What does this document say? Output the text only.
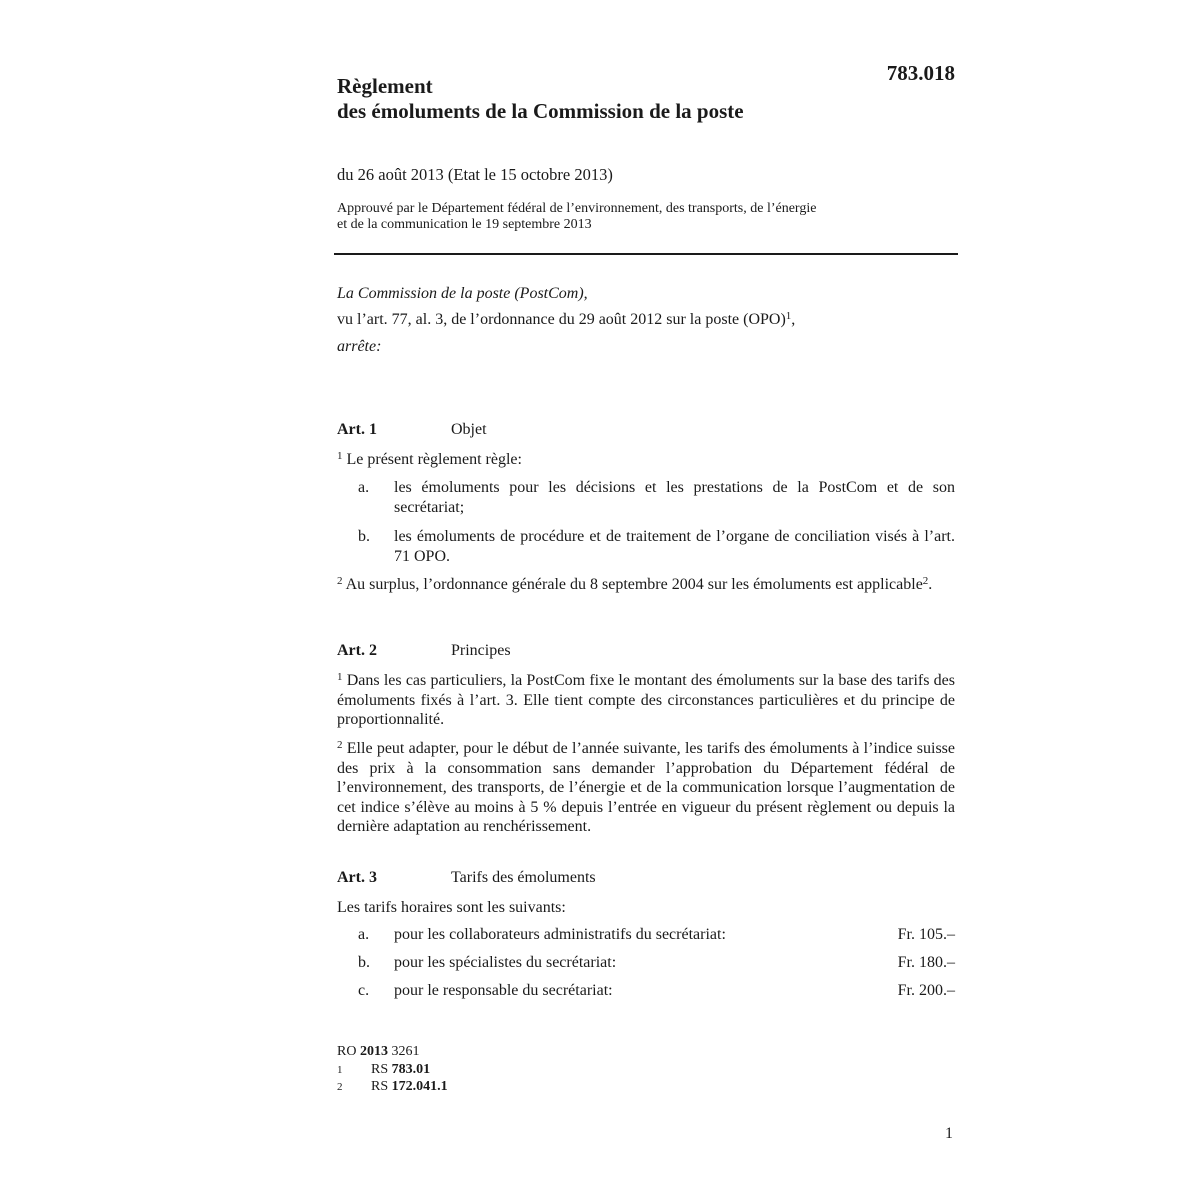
Règlement
des émoluments de la Commission de la poste
783.018
du 26 août 2013 (Etat le 15 octobre 2013)
Approuvé par le Département fédéral de l’environnement, des transports, de l’énergie
et de la communication le 19 septembre 2013
La Commission de la poste (PostCom),
vu l’art. 77, al. 3, de l’ordonnance du 29 août 2012 sur la poste (OPO)$^1$,
arrête:
Art. 1	Objet
$^1$ Le présent règlement règle:
a. les émoluments pour les décisions et les prestations de la PostCom et de son secrétariat;
b. les émoluments de procédure et de traitement de l’organe de conciliation visés à l’art. 71 OPO.
$^2$ Au surplus, l’ordonnance générale du 8 septembre 2004 sur les émoluments est applicable$^2$.
Art. 2	Principes
$^1$ Dans les cas particuliers, la PostCom fixe le montant des émoluments sur la base des tarifs des émoluments fixés à l’art. 3. Elle tient compte des circonstances particulières et du principe de proportionnalité.
$^2$ Elle peut adapter, pour le début de l’année suivante, les tarifs des émoluments à l’indice suisse des prix à la consommation sans demander l’approbation du Département fédéral de l’environnement, des transports, de l’énergie et de la communication lorsque l’augmentation de cet indice s’élève au moins à 5 % depuis l’entrée en vigueur du présent règlement ou depuis la dernière adaptation au renchérissement.
Art. 3	Tarifs des émoluments
Les tarifs horaires sont les suivants:
a. pour les collaborateurs administratifs du secrétariat:	Fr. 105.–
b. pour les spécialistes du secrétariat:	Fr. 180.–
c. pour le responsable du secrétariat:	Fr. 200.–
RO 2013 3261
1 RS 783.01
2 RS 172.041.1
1
